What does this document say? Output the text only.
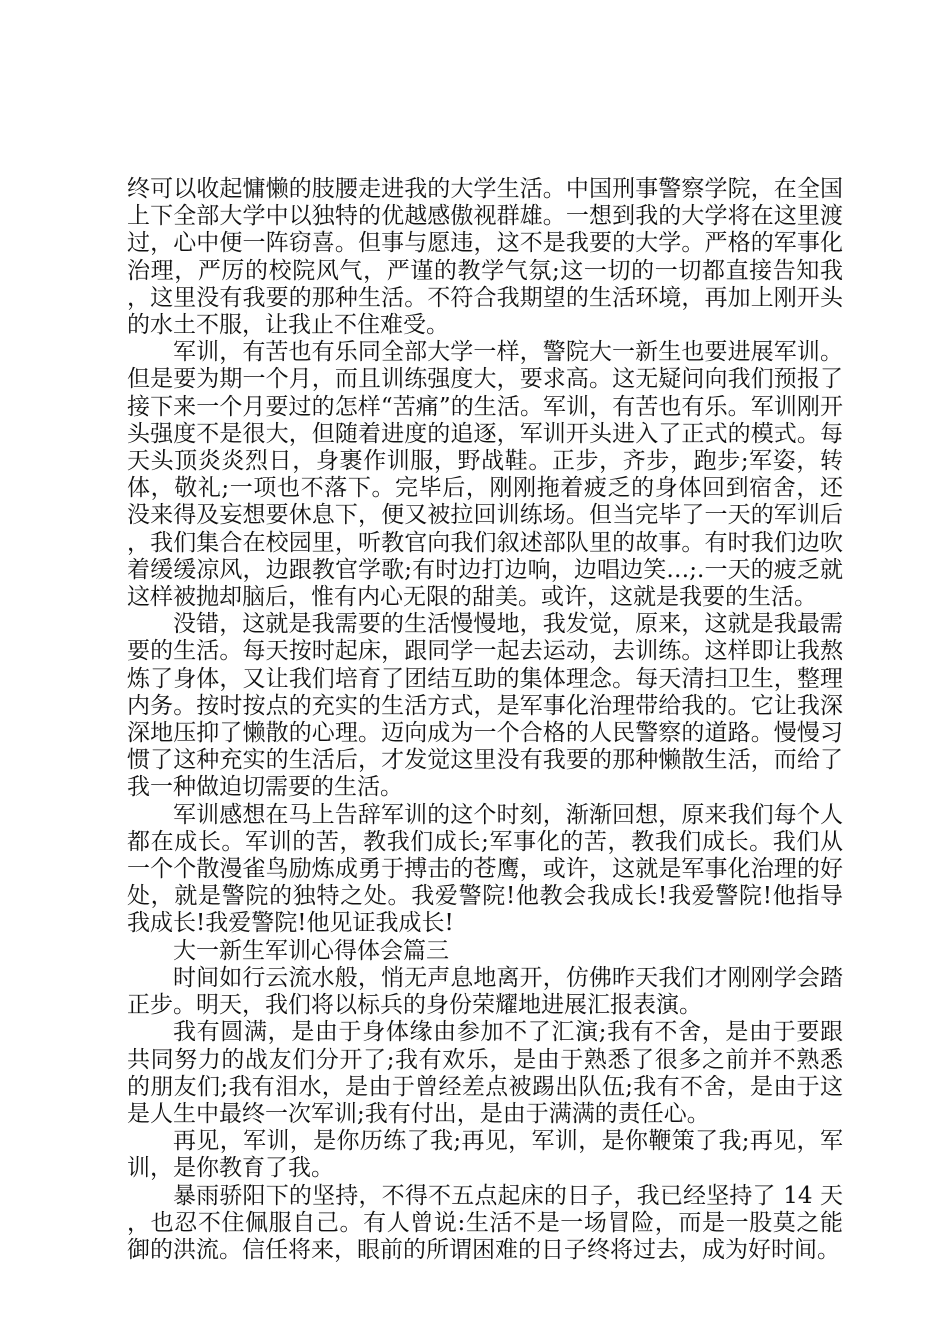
终可以收起慵懒的肢腰走进我的大学生活。中国刑事警察学院，在全国上下全部大学中以独特的优越感傲视群雄。一想到我的大学将在这里渡过，心中便一阵窃喜。但事与愿违，这不是我要的大学。严格的军事化治理，严厉的校院风气，严谨的教学气氛;这一切的一切都直接告知我，这里没有我要的那种生活。不符合我期望的生活环境，再加上刚开头的水土不服，让我止不住难受。

军训，有苦也有乐同全部大学一样，警院大一新生也要进展军训。但是要为期一个月，而且训练强度大，要求高。这无疑问向我们预报了接下来一个月要过的怎样“苦痛”的生活。军训，有苦也有乐。军训刚开头强度不是很大，但随着进度的追逐，军训开头进入了正式的模式。每天头顶炎炎烈日，身裹作训服，野战鞋。正步，齐步，跑步;军姿，转体，敬礼;一项也不落下。完毕后，刚刚拖着疲乏的身体回到宿舍，还没来得及妄想要休息下，便又被拉回训练场。但当完毕了一天的军训后，我们集合在校园里，听教官向我们叙述部队里的故事。有时我们边吹着缓缓凉风，边跟教官学歌;有时边打边响，边唱边笑…;.一天的疲乏就这样被抛却脑后，惟有内心无限的甜美。或许，这就是我要的生活。

没错，这就是我需要的生活慢慢地，我发觉，原来，这就是我最需要的生活。每天按时起床，跟同学一起去运动，去训练。这样即让我熬炼了身体，又让我们培育了团结互助的集体理念。每天清扫卫生，整理内务。按时按点的充实的生活方式，是军事化治理带给我的。它让我深深地压抑了懒散的心理。迈向成为一个合格的人民警察的道路。慢慢习惯了这种充实的生活后，才发觉这里没有我要的那种懒散生活，而给了我一种做迫切需要的生活。

军训感想在马上告辞军训的这个时刻，渐渐回想，原来我们每个人都在成长。军训的苦，教我们成长;军事化的苦，教我们成长。我们从一个个散漫雀鸟励炼成勇于搏击的苍鹰，或许，这就是军事化治理的好处，就是警院的独特之处。我爱警院!他教会我成长!我爱警院!他指导我成长!我爱警院!他见证我成长!

大一新生军训心得体会篇三

时间如行云流水般，悄无声息地离开，仿佛昨天我们才刚刚学会踏正步。明天，我们将以标兵的身份荣耀地进展汇报表演。

我有圆满，是由于身体缘由参加不了汇演;我有不舍，是由于要跟共同努力的战友们分开了;我有欢乐，是由于熟悉了很多之前并不熟悉的朋友们;我有泪水，是由于曾经差点被踢出队伍;我有不舍，是由于这是人生中最终一次军训;我有付出，是由于满满的责任心。

再见，军训，是你历练了我;再见，军训，是你鞭策了我;再见，军训，是你教育了我。

暴雨骄阳下的坚持，不得不五点起床的日子，我已经坚持了 14 天，也忍不住佩服自己。有人曾说:生活不是一场冒险，而是一股莫之能御的洪流。信任将来，眼前的所谓困难的日子终将过去，成为好时间。
